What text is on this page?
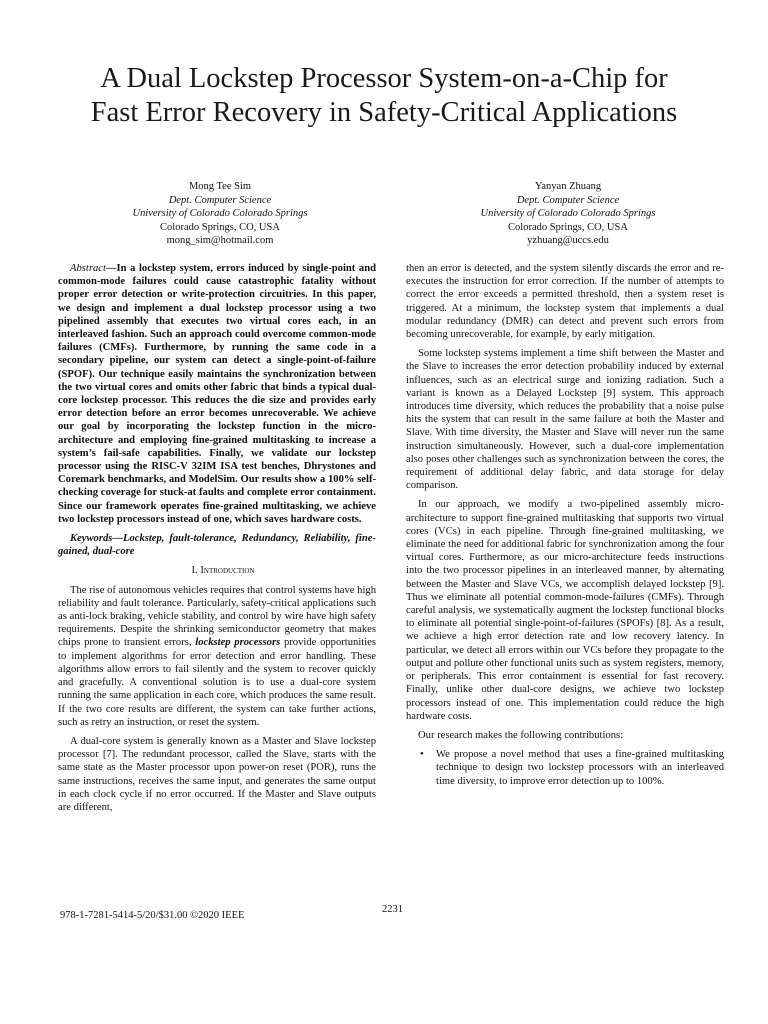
A Dual Lockstep Processor System-on-a-Chip for
Fast Error Recovery in Safety-Critical Applications
Mong Tee Sim
Dept. Computer Science
University of Colorado Colorado Springs
Colorado Springs, CO, USA
mong_sim@hotmail.com
Yanyan Zhuang
Dept. Computer Science
University of Colorado Colorado Springs
Colorado Springs, CO, USA
yzhuang@uccs.edu

Abstract—In a lockstep system, errors induced by single-point and common-mode failures could cause catastrophic fatality without proper error detection or write-protection circuitries. In this paper, we design and implement a dual lockstep processor using a two pipelined assembly that executes two virtual cores each, in an interleaved fashion. Such an approach could overcome common-mode failures (CMFs). Furthermore, by running the same code in a secondary pipeline, our system can detect a single-point-of-failure (SPOF). Our technique easily maintains the synchronization between the two virtual cores and omits other fabric that binds a typical dual-core lockstep processor. This reduces the die size and provides early error detection before an error becomes unrecoverable. We achieve our goal by incorporating the lockstep function in the micro-architecture and employing fine-grained multitasking to increase a system’s fail-safe capabilities. Finally, we validate our lockstep processor using the RISC-V 32IM ISA test benches, Dhrystones and Coremark benchmarks, and ModelSim. Our results show a 100% self-checking coverage for stuck-at faults and complete error containment. Since our framework operates fine-grained multitasking, we achieve two lockstep processors instead of one, which saves hardware costs.

Keywords—Lockstep, fault-tolerance, Redundancy, Reliability, fine-gained, dual-core

I. Introduction

The rise of autonomous vehicles requires that control systems have high reliability and fault tolerance. Particularly, safety-critical applications such as anti-lock braking, vehicle stability, and control by wire have high safety requirements. Despite the shrinking semiconductor geometry that makes chips prone to transient errors, lockstep processors provide opportunities to implement algorithms for error detection and error handling. These algorithms allow errors to fail silently and the system to recover quickly and gracefully. A conventional solution is to use a dual-core system running the same application in each core, which produces the same result. If the two core results are different, the system can take further actions, such as retry an instruction, or reset the system.

A dual-core system is generally known as a Master and Slave lockstep processor [7]. The redundant processor, called the Slave, starts with the same state as the Master processor upon power-on reset (POR), runs the same instructions, receives the same input, and generates the same output in each clock cycle if no error occurred. If the Master and Slave outputs are different,

then an error is detected, and the system silently discards the error and re-executes the instruction for error correction. If the number of attempts to correct the error exceeds a permitted threshold, then a system reset is triggered. At a minimum, the lockstep system that implements a dual modular redundancy (DMR) can detect and prevent such errors from becoming unrecoverable, for example, by early mitigation.

Some lockstep systems implement a time shift between the Master and the Slave to increases the error detection probability induced by external influences, such as an electrical surge and ionizing radiation. Such a variant is known as a Delayed Lockstep [9] system. This approach introduces time diversity, which reduces the probability that a noise pulse hits the system that can result in the same failure at both the Master and Slave. With time diversity, the Master and Slave will never run the same instruction simultaneously. However, such a dual-core implementation also poses other challenges such as synchronization between the cores, the requirement of additional delay fabric, and data storage for delay comparison.

In our approach, we modify a two-pipelined assembly micro-architecture to support fine-grained multitasking that supports two virtual cores (VCs) in each pipeline. Through fine-grained multitasking, we eliminate the need for additional fabric for synchronization among the four virtual cores. Furthermore, as our micro-architecture feeds instructions into the two processor pipelines in an interleaved manner, by alternating between the Master and Slave VCs, we accomplish delayed lockstep [9]. Thus we eliminate all potential common-mode-failures (CMFs). Through careful analysis, we systematically augment the lockstep functional blocks to eliminate all potential single-point-of-failures (SPOFs) [8]. As a result, we achieve a high error detection rate and low recovery latency. In particular, we detect all errors within our VCs before they propagate to the output and pollute other functional units such as system registers, memory, or peripherals. This error containment is essential for fast recovery. Finally, unlike other dual-core designs, we achieve two lockstep processors instead of one. This implementation could reduce the high hardware costs.

Our research makes the following contributions:

• We propose a novel method that uses a fine-grained multitasking technique to design two lockstep processors with an interleaved time diversity, to improve error detection up to 100%.
978-1-7281-5414-5/20/$31.00 ©2020 IEEE
2231
